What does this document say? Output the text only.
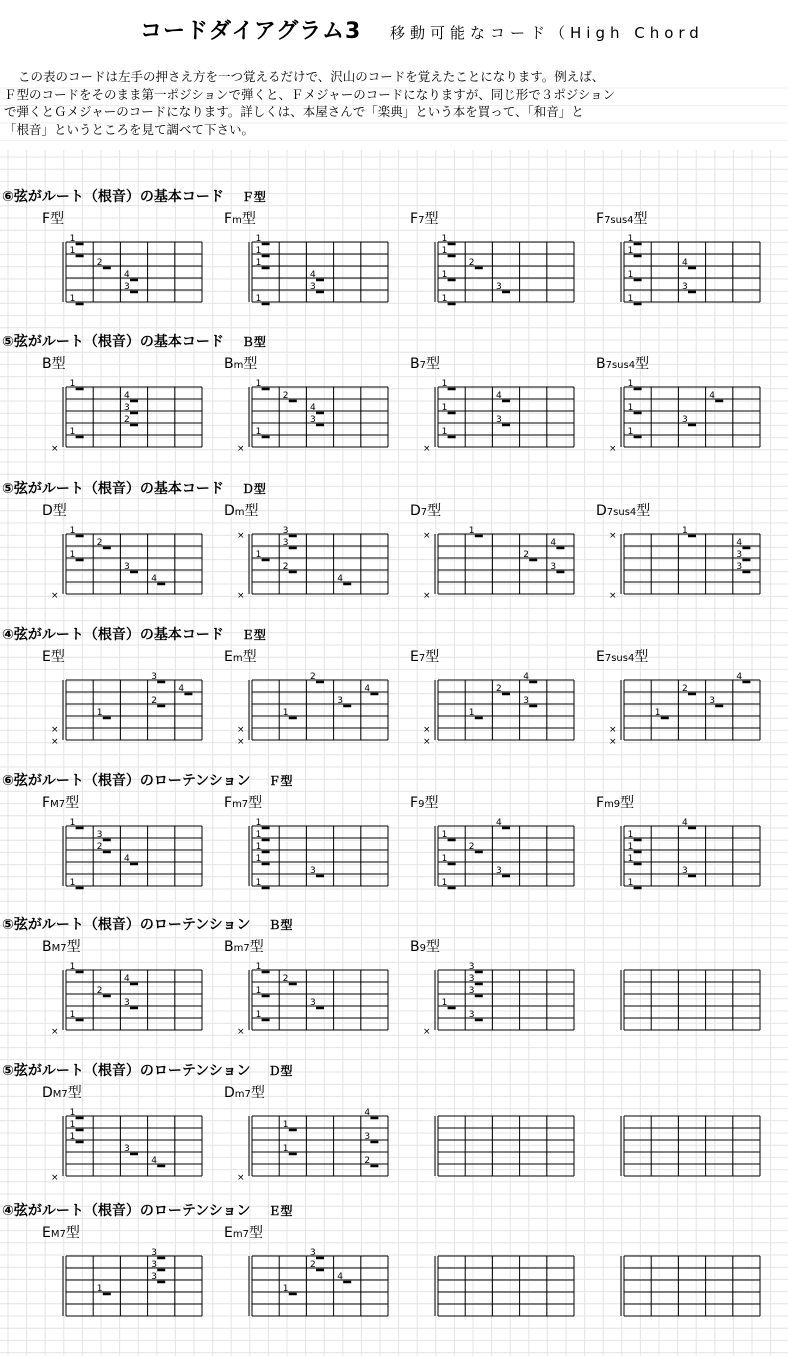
1
1
2
4
3
1
1
1
1
4
3
1
1
1
2
1
3
1
1
1
4
1
3
1
1
4
3
2
1
×
1
2
4
3
1
×
1
4
1
3
1
×
1
4
1
3
1
×
1
2
1
3
4
×
3
3
1
2
4
×
×
1
4
2
3
×
×
1
4
3
3
×
×
3
4
2
1
×
×
2
4
3
1
×
×
4
2
3
1
×
×
4
2
3
1
×
×
1
3
2
4
1
1
1
1
1
3
1
4
1
2
1
3
1
4
1
1
1
3
1
1
4
2
3
1
×
1
2
1
3
1
×
3
3
3
1
3
×
1
1
1
3
4
×
4
1
3
1
2
×
3
3
3
1
3
2
4
1
コードダイアグラム3 移動可能なコード（High Chord

この表のコードは左手の押さえ方を一つ覚えるだけで、沢山のコードを覚えたことになります。例えば、

Ｆ型のコードをそのまま第一ポジションで弾くと、Ｆメジャーのコードになりますが、同じ形で３ポジション

で弾くとＧメジャーのコードになります。詳しくは、本屋さんで「楽典」という本を買って、「和音」と

「根音」というところを見て調べて下さい。

⑥弦がルート（根音）の基本コード Ｆ型
F型	Fm型	F7型	F7sus4型
⑤弦がルート（根音）の基本コード Ｂ型
B型	Bm型	B7型	B7sus4型
⑤弦がルート（根音）の基本コード Ｄ型
D型	Dm型	D7型	D7sus4型
④弦がルート（根音）の基本コード Ｅ型
E型	Em型	E7型	E7sus4型
⑥弦がルート（根音）のローテンション Ｆ型
FM7型	Fm7型	F9型	Fm9型
⑤弦がルート（根音）のローテンション Ｂ型
BM7型	Bm7型	B9型
⑤弦がルート（根音）のローテンション Ｄ型
DM7型	Dm7型
④弦がルート（根音）のローテンション Ｅ型
EM7型	Em7型
